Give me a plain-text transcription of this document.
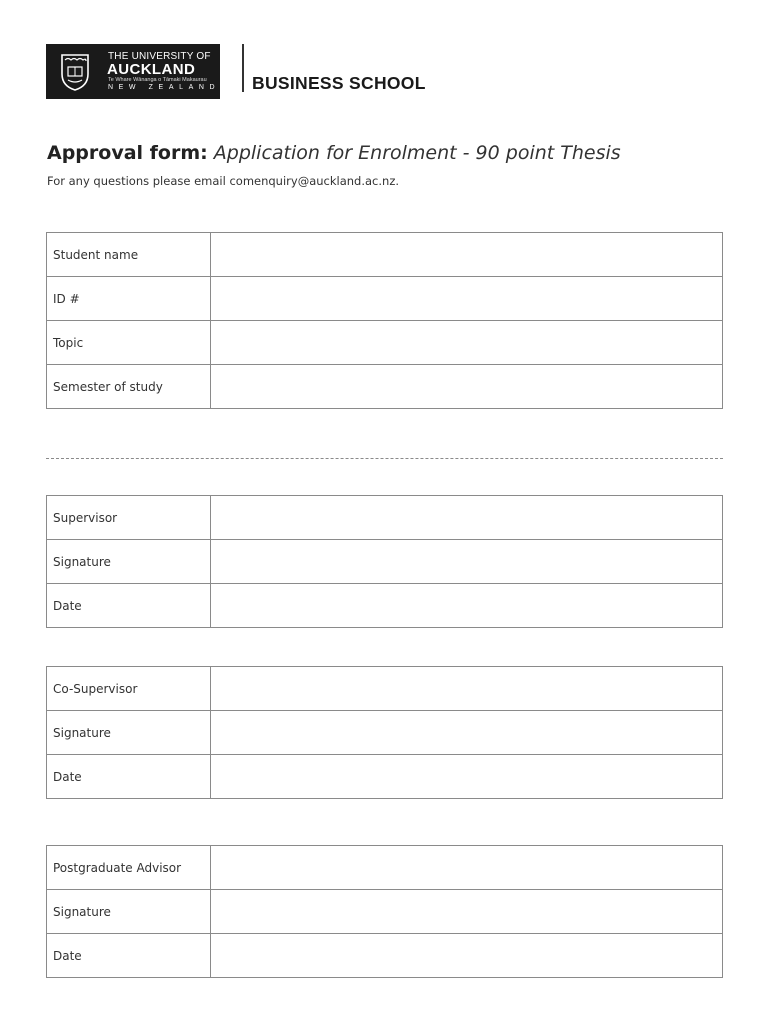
THE UNIVERSITY OF
AUCKLAND
Te Whare Wānanga o Tāmaki Makaurau
NEW ZEALAND BUSINESS SCHOOL
Approval form: Application for Enrolment - 90 point Thesis
For any questions please email comenquiry@auckland.ac.nz.
Student name	
ID #	
Topic	
Semester of study	
Supervisor	
Signature	
Date	
Co-Supervisor	
Signature	
Date	
Postgraduate Advisor	
Signature	
Date	
